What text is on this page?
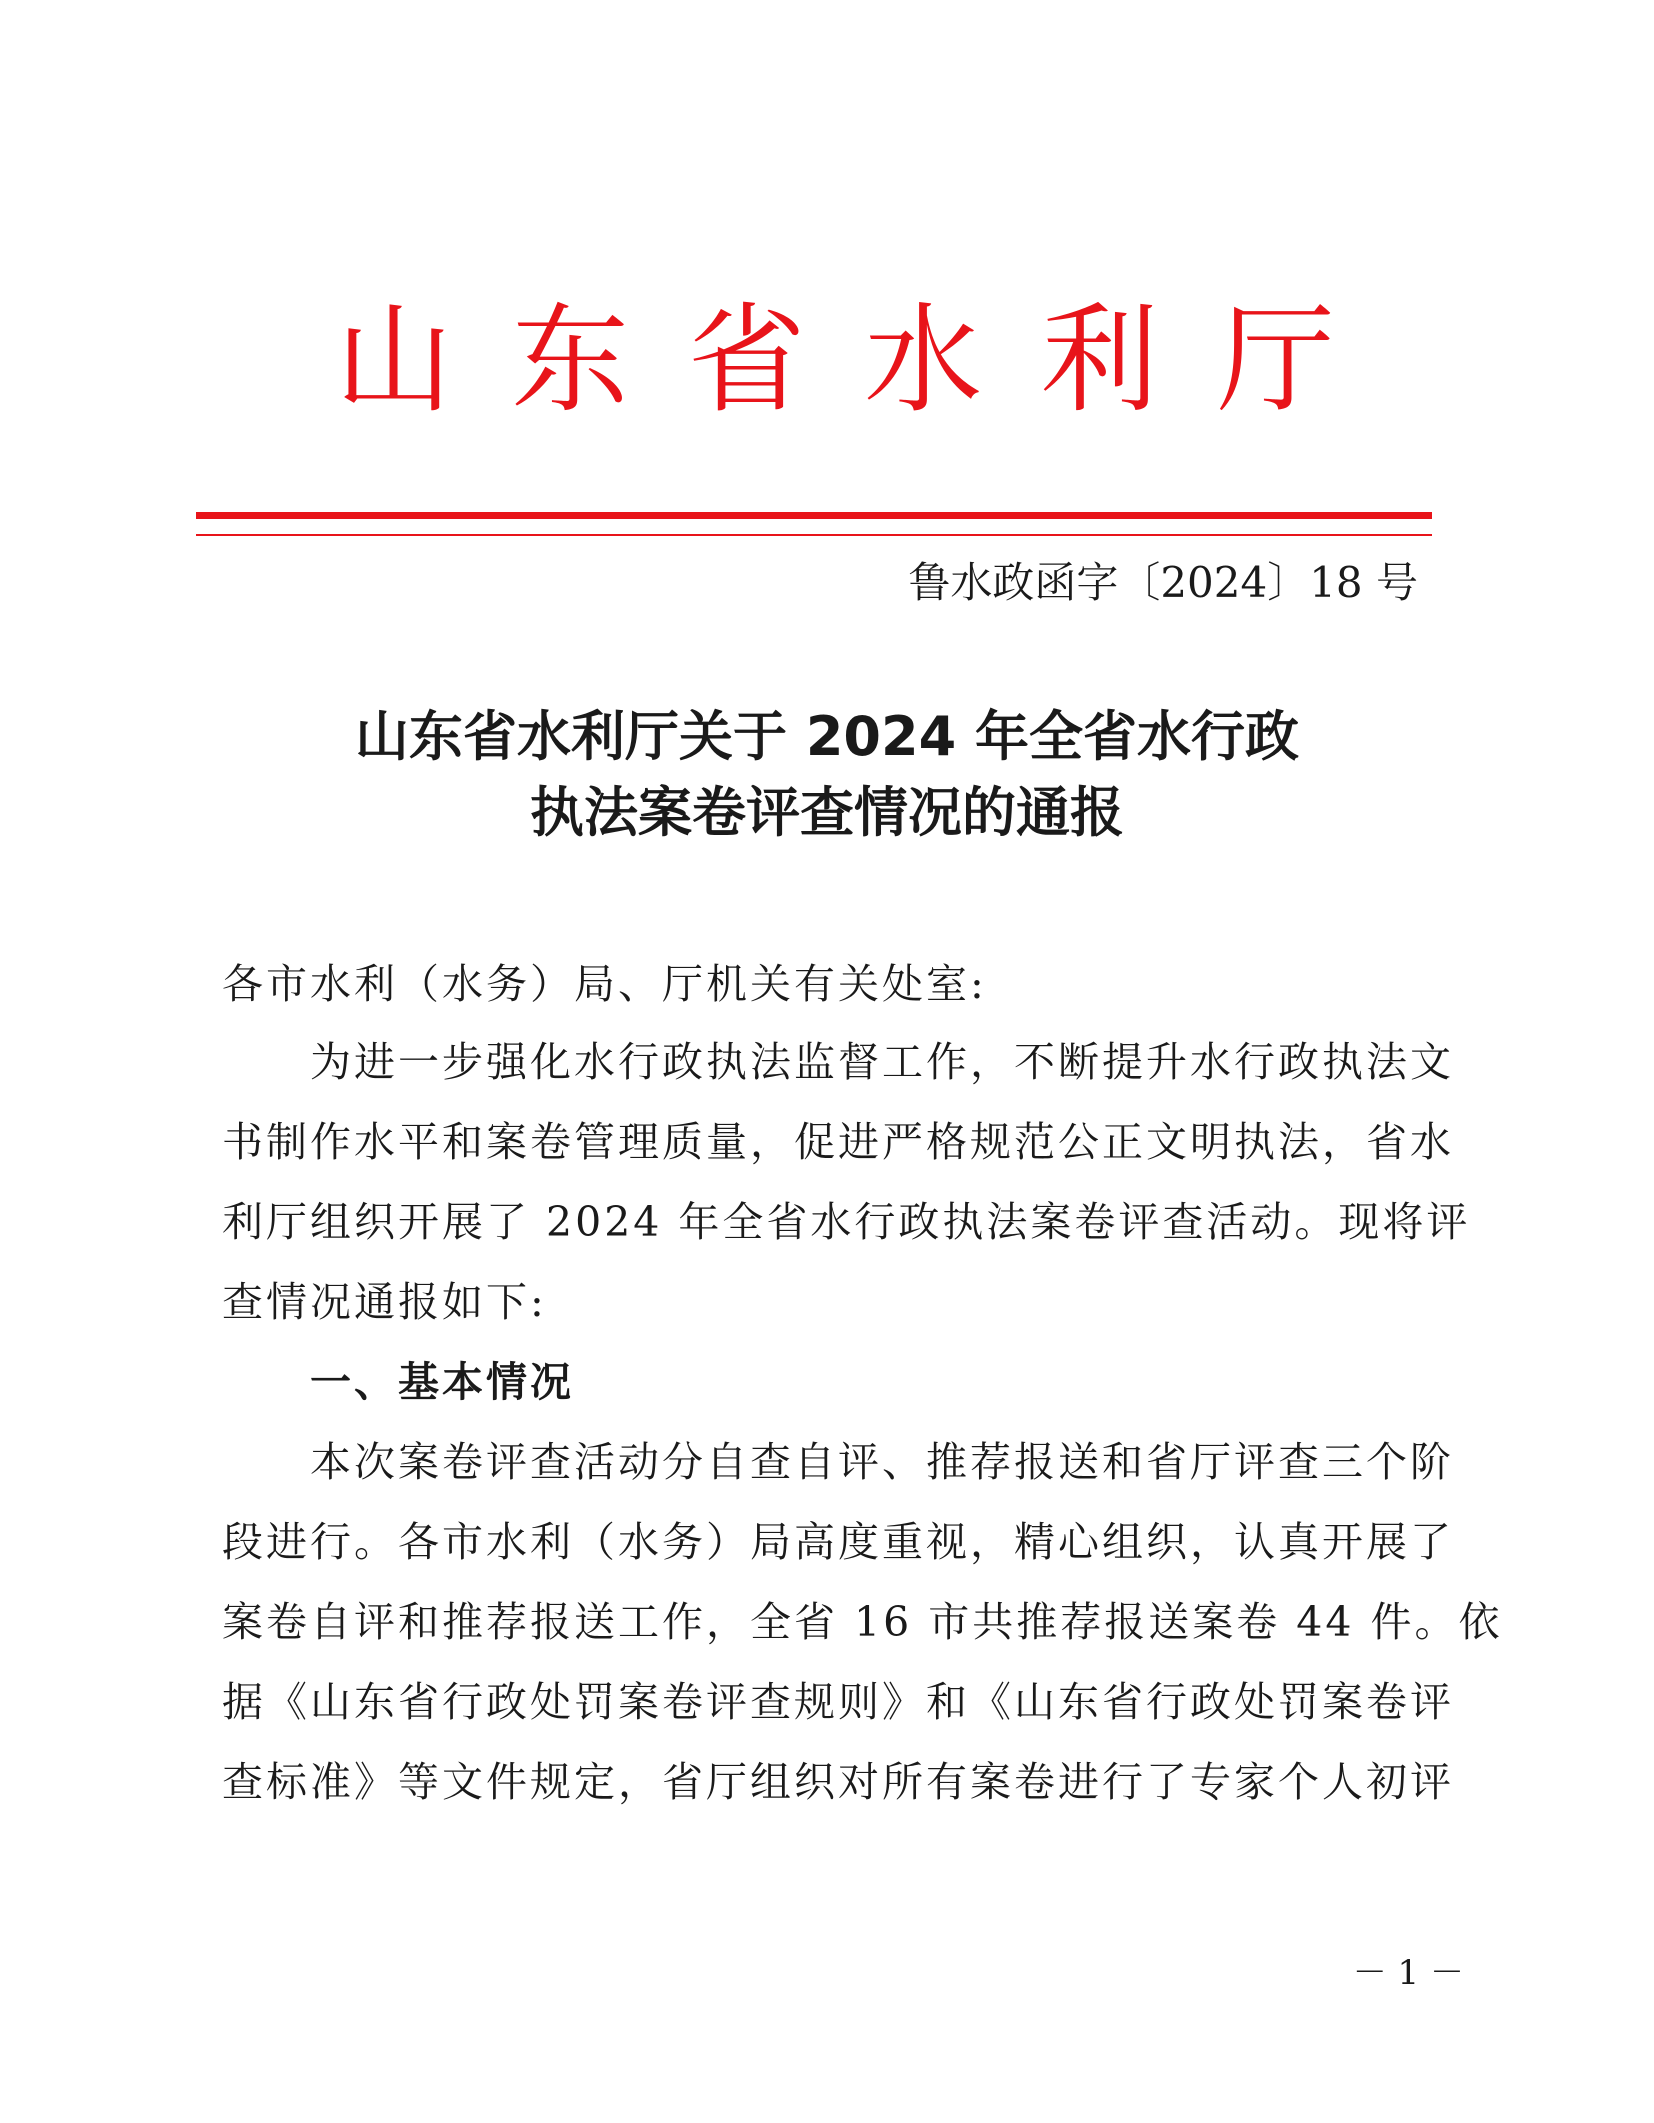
山 东 省 水 利 厅
鲁水政函字〔2024〕18 号
山东省水利厅关于 2024 年全省水行政
执法案卷评查情况的通报
各市水利（水务）局、厅机关有关处室:
为进一步强化水行政执法监督工作，不断提升水行政执法文
书制作水平和案卷管理质量，促进严格规范公正文明执法，省水
利厅组织开展了 2024 年全省水行政执法案卷评查活动。现将评
查情况通报如下:
一、基本情况
本次案卷评查活动分自查自评、推荐报送和省厅评查三个阶
段进行。各市水利（水务）局高度重视，精心组织，认真开展了
案卷自评和推荐报送工作，全省 16 市共推荐报送案卷 44 件。依
据《山东省行政处罚案卷评查规则》和《山东省行政处罚案卷评
查标准》等文件规定，省厅组织对所有案卷进行了专家个人初评
－ 1 －
